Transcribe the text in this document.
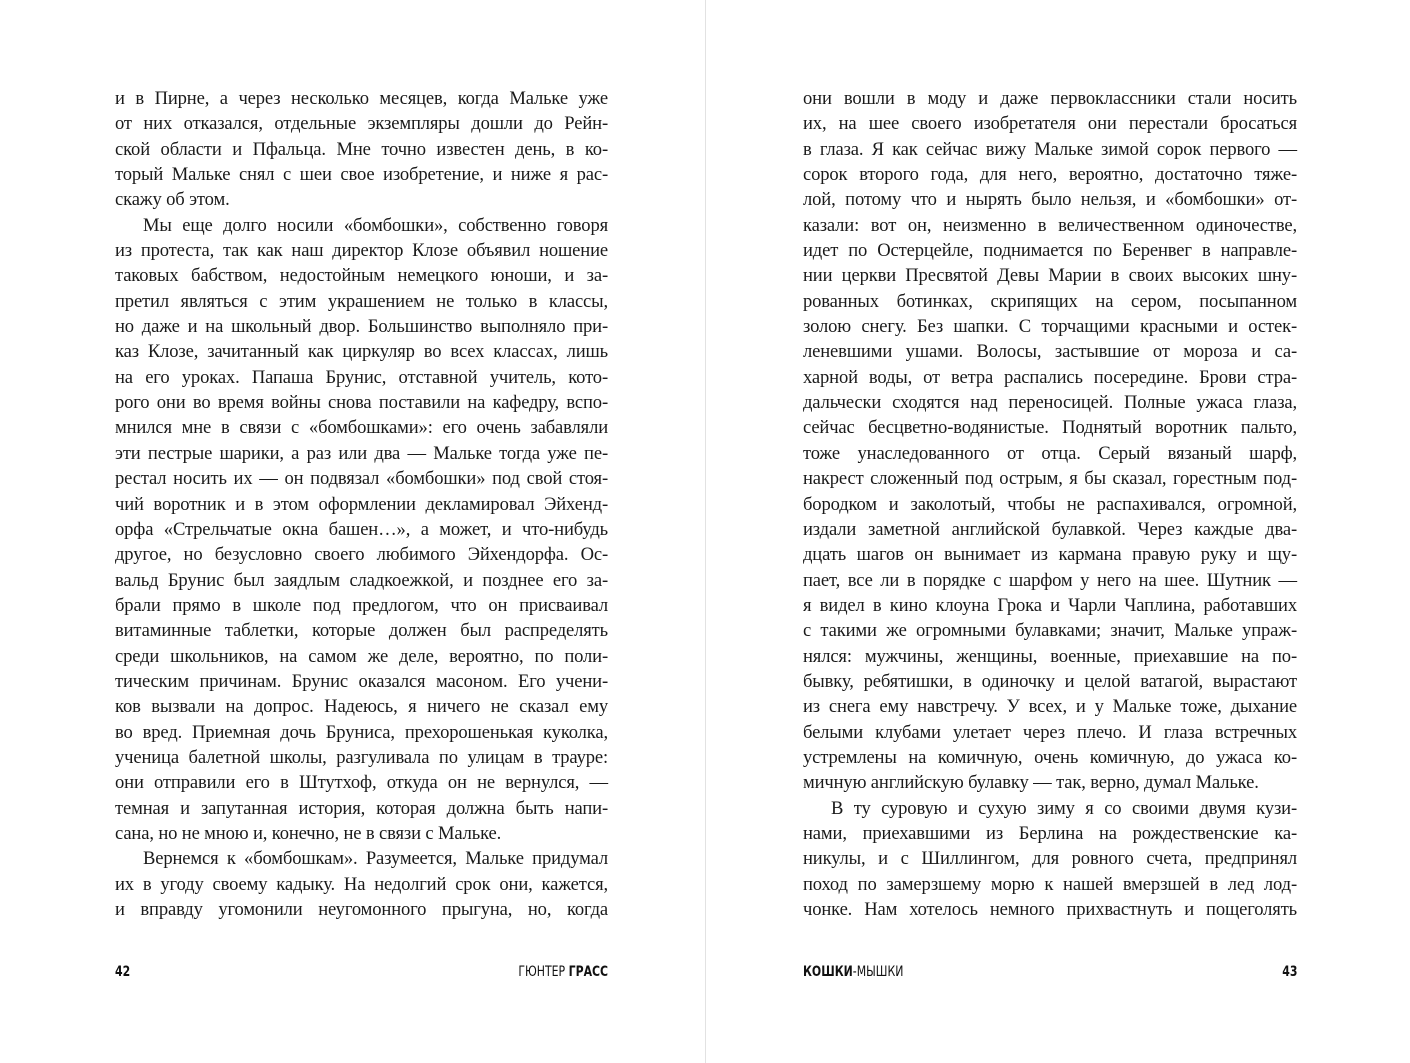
и в Пирне, а через несколько месяцев, когда Мальке уже
от них отказался, отдельные экземпляры дошли до Рейн-
ской области и Пфальца. Мне точно известен день, в ко-
торый Мальке снял с шеи свое изобретение, и ниже я рас-
скажу об этом.
Мы еще долго носили «бомбошки», собственно говоря
из протеста, так как наш директор Клозе объявил ношение
таковых бабством, недостойным немецкого юноши, и за-
претил являться с этим украшением не только в классы,
но даже и на школьный двор. Большинство выполняло при-
каз Клозе, зачитанный как циркуляр во всех классах, лишь
на его уроках. Папаша Брунис, отставной учитель, кото-
рого они во время войны снова поставили на кафедру, вспо-
мнился мне в связи с «бомбошками»: его очень забавляли
эти пестрые шарики, а раз или два — Мальке тогда уже пе-
рестал носить их — он подвязал «бомбошки» под свой стоя-
чий воротник и в этом оформлении декламировал Эйхенд-
орфа «Стрельчатые окна башен…», а может, и что-нибудь
другое, но безусловно своего любимого Эйхендорфа. Ос-
вальд Брунис был заядлым сладкоежкой, и позднее его за-
брали прямо в школе под предлогом, что он присваивал
витаминные таблетки, которые должен был распределять
среди школьников, на самом же деле, вероятно, по поли-
тическим причинам. Брунис оказался масоном. Его учени-
ков вызвали на допрос. Надеюсь, я ничего не сказал ему
во вред. Приемная дочь Бруниса, прехорошенькая куколка,
ученица балетной школы, разгуливала по улицам в трауре:
они отправили его в Штутхоф, откуда он не вернулся, —
темная и запутанная история, которая должна быть напи-
сана, но не мною и, конечно, не в связи с Мальке.
Вернемся к «бомбошкам». Разумеется, Мальке придумал
их в угоду своему кадыку. На недолгий срок они, кажется,
и вправду угомонили неугомонного прыгуна, но, когда
они вошли в моду и даже первоклассники стали носить
их, на шее своего изобретателя они перестали бросаться
в глаза. Я как сейчас вижу Мальке зимой сорок первого —
сорок второго года, для него, вероятно, достаточно тяже-
лой, потому что и нырять было нельзя, и «бомбошки» от-
казали: вот он, неизменно в величественном одиночестве,
идет по Остерцейле, поднимается по Беренвег в направле-
нии церкви Пресвятой Девы Марии в своих высоких шну-
рованных ботинках, скрипящих на сером, посыпанном
золою снегу. Без шапки. С торчащими красными и остек-
леневшими ушами. Волосы, застывшие от мороза и са-
харной воды, от ветра распались посередине. Брови стра-
дальчески сходятся над переносицей. Полные ужаса глаза,
сейчас бесцветно-водянистые. Поднятый воротник пальто,
тоже унаследованного от отца. Серый вязаный шарф,
накрест сложенный под острым, я бы сказал, горестным под-
бородком и заколотый, чтобы не распахивался, огромной,
издали заметной английской булавкой. Через каждые два-
дцать шагов он вынимает из кармана правую руку и щу-
пает, все ли в порядке с шарфом у него на шее. Шутник —
я видел в кино клоуна Грока и Чарли Чаплина, работавших
с такими же огромными булавками; значит, Мальке упраж-
нялся: мужчины, женщины, военные, приехавшие на по-
бывку, ребятишки, в одиночку и целой ватагой, вырастают
из снега ему навстречу. У всех, и у Мальке тоже, дыхание
белыми клубами улетает через плечо. И глаза встречных
устремлены на комичную, очень комичную, до ужаса ко-
мичную английскую булавку — так, верно, думал Мальке.
В ту суровую и сухую зиму я со своими двумя кузи-
нами, приехавшими из Берлина на рождественские ка-
никулы, и с Шиллингом, для ровного счета, предпринял
поход по замерзшему морю к нашей вмерзшей в лед лод-
чонке. Нам хотелось немного прихвастнуть и пощеголять
42	ГЮНТЕР ГРАСС	КОШКИ-МЫШКИ	43
